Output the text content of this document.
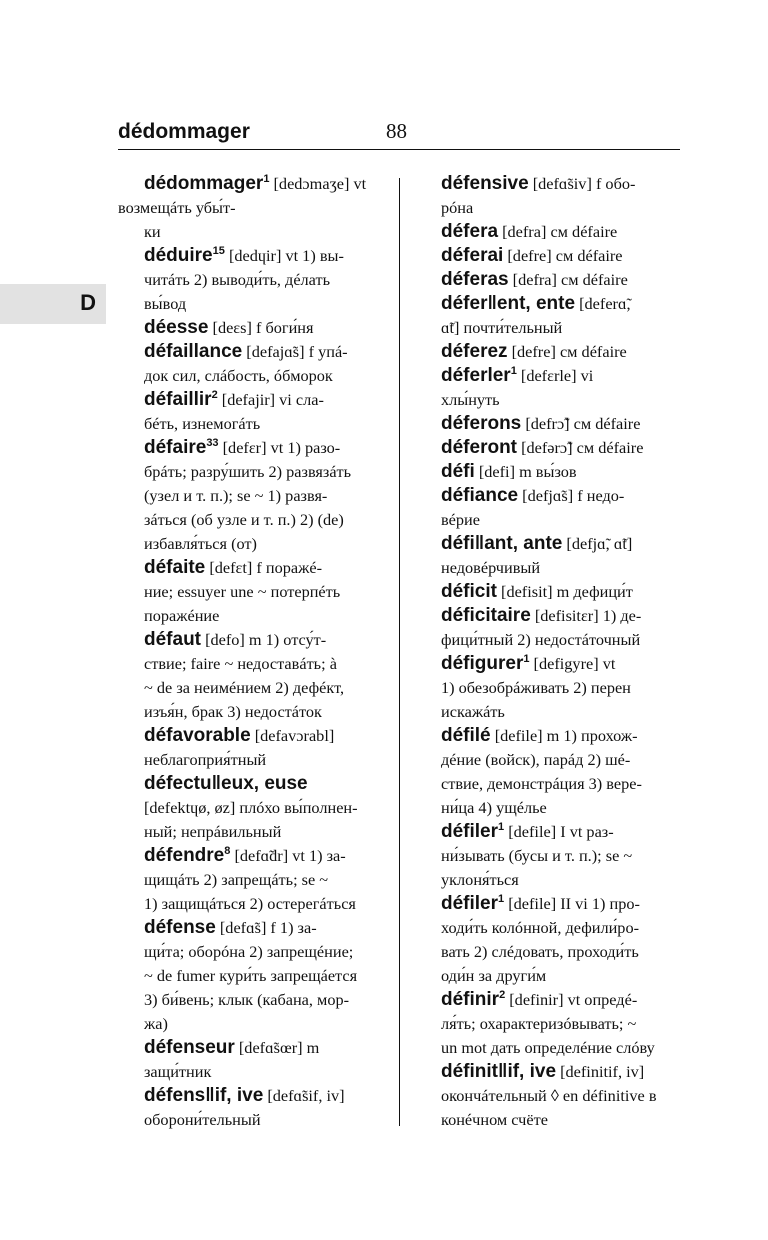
dédommager	88
D

dédommager$^1$ [dedɔmaʒe] vt возмещáть убы́т-
ки

déduire$^{15}$ [dedɥir] vt 1) вы-
читáть 2) выводи́ть, дéлать
вы́вод

déesse [deɛs] f боги́ня

défaillance [defajɑ̃s] f упá-
док сил, слáбость, óбморок

défaillir$^2$ [defajir] vi сла-
бéть, изнемогáть

défaire$^{33}$ [defɛr] vt 1) разо-
брáть; разру́шить 2) развязáть
(узел и т. п.); se ~ 1) развя-
зáться (об узле и т. п.) 2) (de)
избавля́ться (от)

défaite [defɛt] f поражé-
ние; essuyer une ~ потерпéть
поражéние

défaut [defo] m 1) отсу́т-
ствие; faire ~ недоставáть; à
~ de за неимéнием 2) дефéкт,
изъя́н, брак 3) недостáток

défavorable [defavɔrabl]
неблагоприя́тный

défectu‖eux, euse
[defektɥø, øz] плóхо вы́полнен-
ный; непрáвильный

défendre$^8$ [defɑ̃dr] vt 1) за-
щищáть 2) запрещáть; se ~
1) защищáться 2) остерегáться

défense [defɑ̃s] f 1) за-
щи́та; оборóна 2) запрещéние;
~ de fumer кури́ть запрещáется
3) би́вень; клык (кабана, мор-
жа)

défenseur [defɑ̃sœr] m
защи́тник

défens‖if, ive [defɑ̃sif, iv]
оборони́тельный

défensive [defɑ̃siv] f обо-
рóна

défera [defra] см défaire

déferai [defre] см défaire

déferas [defra] см défaire

défer‖ent, ente [deferɑ̃,
ɑ̃t] почти́тельный

déferez [defre] см défaire

déferler$^1$ [defɛrle] vi
хлы́нуть

déferons [defrɔ̃] см défaire

déferont [defərɔ̃] см défaire

défi [defi] m вы́зов

défiance [defjɑ̃s] f недо-
вéрие

défi‖ant, ante [defjɑ̃, ɑ̃t]
недовéрчивый

déficit [defisit] m дефици́т

déficitaire [defisitɛr] 1) де-
фици́тный 2) недостáточный

défigurer$^1$ [defigyre] vt
1) обезобрáживать 2) перен
искажáть

défilé [defile] m 1) прохож-
дéние (войск), парáд 2) шé-
ствие, демонстрáция 3) вере-
ни́ца 4) ущéлье

défiler$^1$ [defile] I vt раз-
ни́зывать (бусы и т. п.); se ~
уклоня́ться

défiler$^1$ [defile] II vi 1) про-
ходи́ть колóнной, дефили́ро-
вать 2) слéдовать, проходи́ть
оди́н за други́м

définir$^2$ [definir] vt опредé-
ля́ть; охарактеризóвывать; ~
un mot дать определéние слóву

définit‖if, ive [definitif, iv]
окончáтельный ◊ en définitive в
конéчном счёте
